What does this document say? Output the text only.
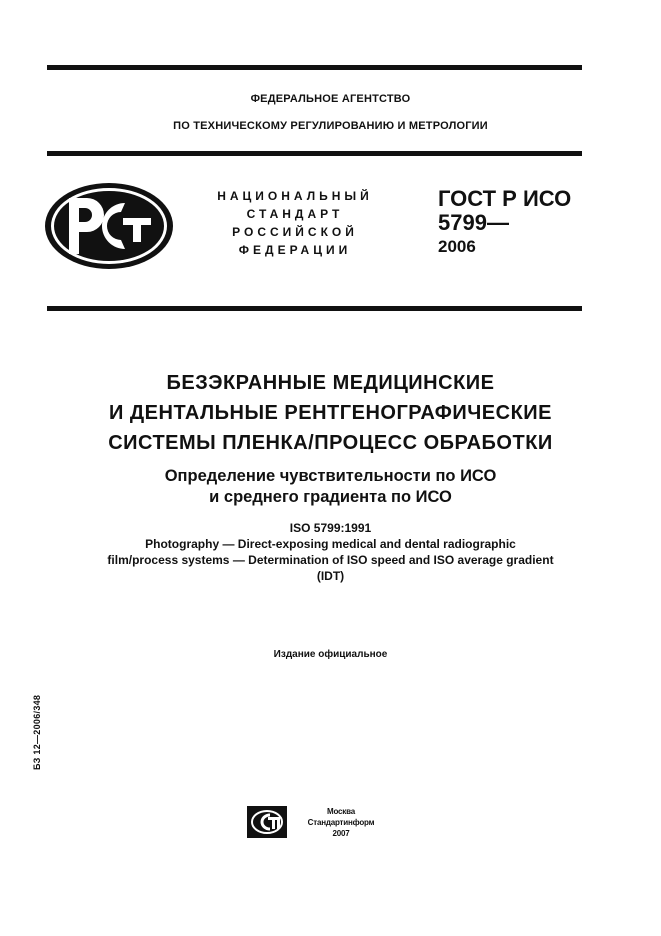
ФЕДЕРАЛЬНОЕ АГЕНТСТВО
ПО ТЕХНИЧЕСКОМУ РЕГУЛИРОВАНИЮ И МЕТРОЛОГИИ
НАЦИОНАЛЬНЫЙ
СТАНДАРТ
РОССИЙСКОЙ
ФЕДЕРАЦИИ
ГОСТ Р ИСО
5799—
2006
БЕЗЭКРАННЫЕ МЕДИЦИНСКИЕ
И ДЕНТАЛЬНЫЕ РЕНТГЕНОГРАФИЧЕСКИЕ
СИСТЕМЫ ПЛЕНКА/ПРОЦЕСС ОБРАБОТКИ
Определение чувствительности по ИСО
и среднего градиента по ИСО
ISO 5799:1991
Photography — Direct-exposing medical and dental radiographic
film/process systems — Determination of ISO speed and ISO average gradient
(IDT)
Издание официальное
БЗ 12—2006/348
Москва
Стандартинформ
2007
